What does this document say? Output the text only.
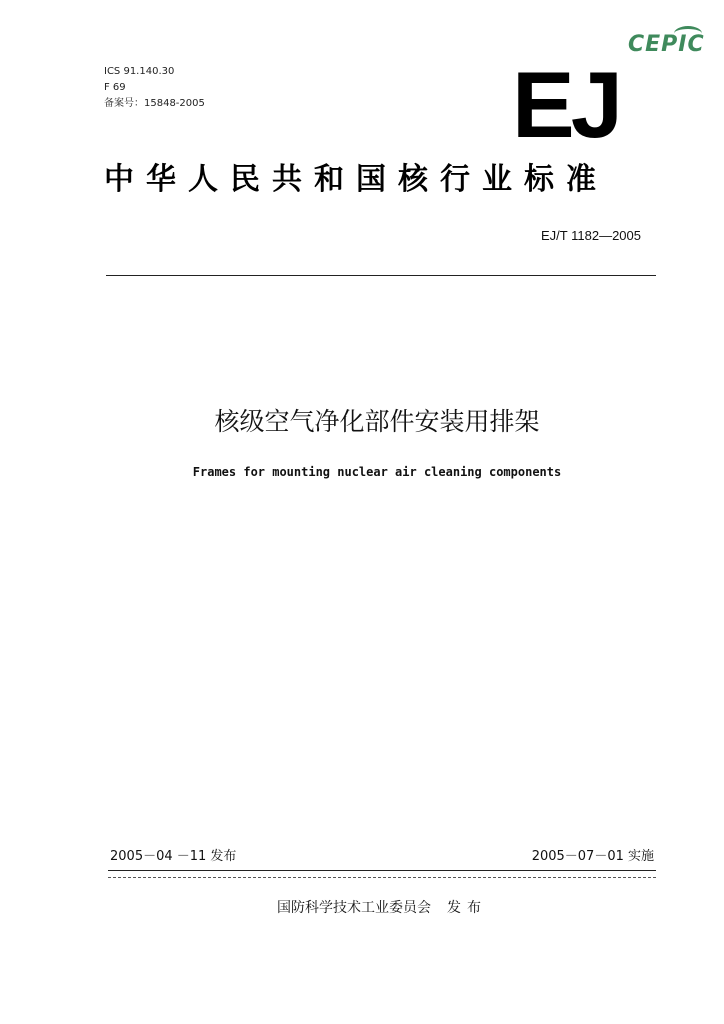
CEPIC
ICS 91.140.30
F 69
备案号：15848-2005	EJ
中华人民共和国核行业标准
EJ/T 1182—2005
核级空气净化部件安装用排架
Frames for mounting nuclear air cleaning components
2005－04 －11 发布	2005－07－01 实施
国防科学技术工业委员会 发布
